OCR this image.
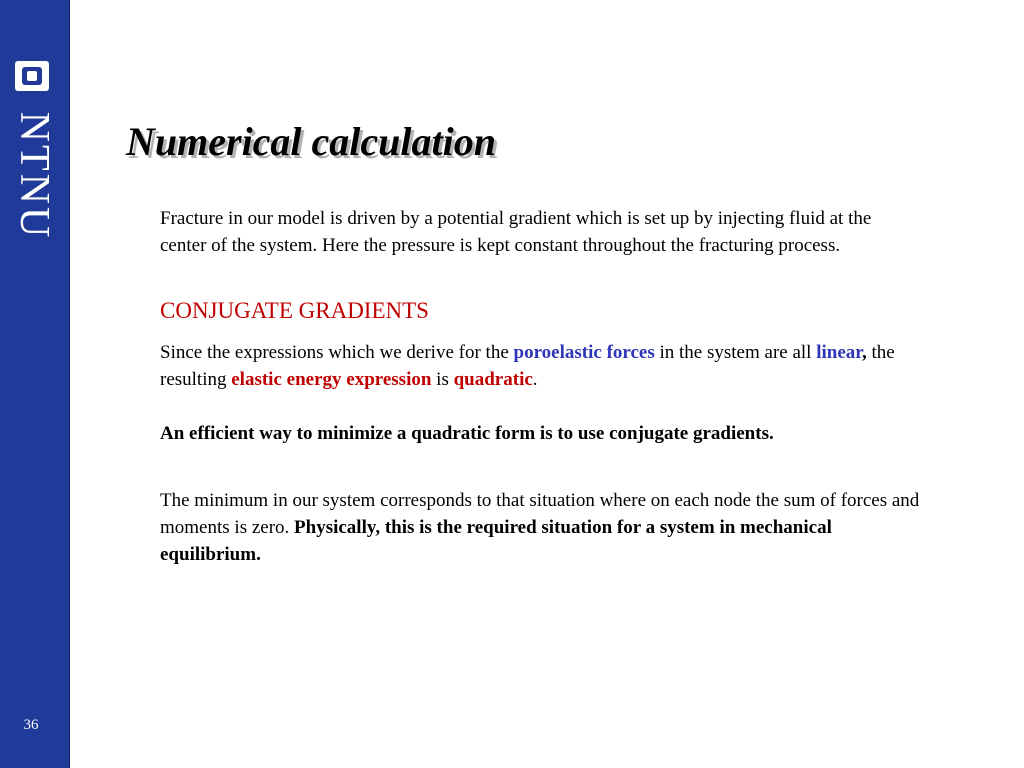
NTNU
36
Numerical calculation

Fracture in our model is driven by a potential gradient which is set up by injecting fluid at the center of the system. Here the pressure is kept constant throughout the fracturing process.

CONJUGATE GRADIENTS

Since the expressions which we derive for the poroelastic forces in the system are all linear, the resulting elastic energy expression is quadratic.

An efficient way to minimize a quadratic form is to use conjugate gradients.

The minimum in our system corresponds to that situation where on each node the sum of forces and moments is zero. Physically, this is the required situation for a system in mechanical equilibrium.
